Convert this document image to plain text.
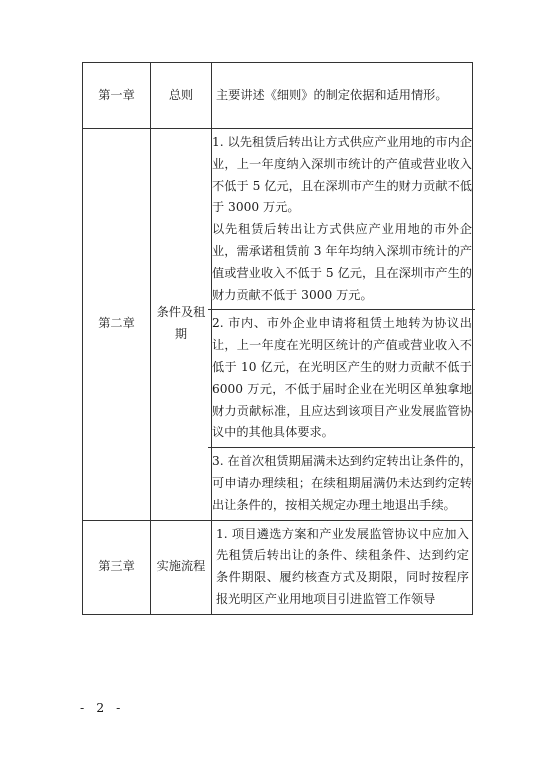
第一章	总则	主要讲述《细则》的制定依据和适用情形。

第二章	条件及租期	1. 以先租赁后转出让方式供应产业用地的市内企业，上一年度纳入深圳市统计的产值或营业收入不低于 5 亿元，且在深圳市产生的财力贡献不低于 3000 万元。

以先租赁后转出让方式供应产业用地的市外企业，需承诺租赁前 3 年年均纳入深圳市统计的产值或营业收入不低于 5 亿元，且在深圳市产生的财力贡献不低于 3000 万元。

2. 市内、市外企业申请将租赁土地转为协议出让，上一年度在光明区统计的产值或营业收入不低于 10 亿元，在光明区产生的财力贡献不低于 6000 万元，不低于届时企业在光明区单独拿地财力贡献标准，且应达到该项目产业发展监管协议中的其他具体要求。

3. 在首次租赁期届满未达到约定转出让条件的，可申请办理续租；在续租期届满仍未达到约定转出让条件的，按相关规定办理土地退出手续。

第三章	实施流程	1. 项目遴选方案和产业发展监管协议中应加入先租赁后转出让的条件、续租条件、达到约定条件期限、履约核查方式及期限，同时按程序报光明区产业用地项目引进监管工作领导

- 2 -
